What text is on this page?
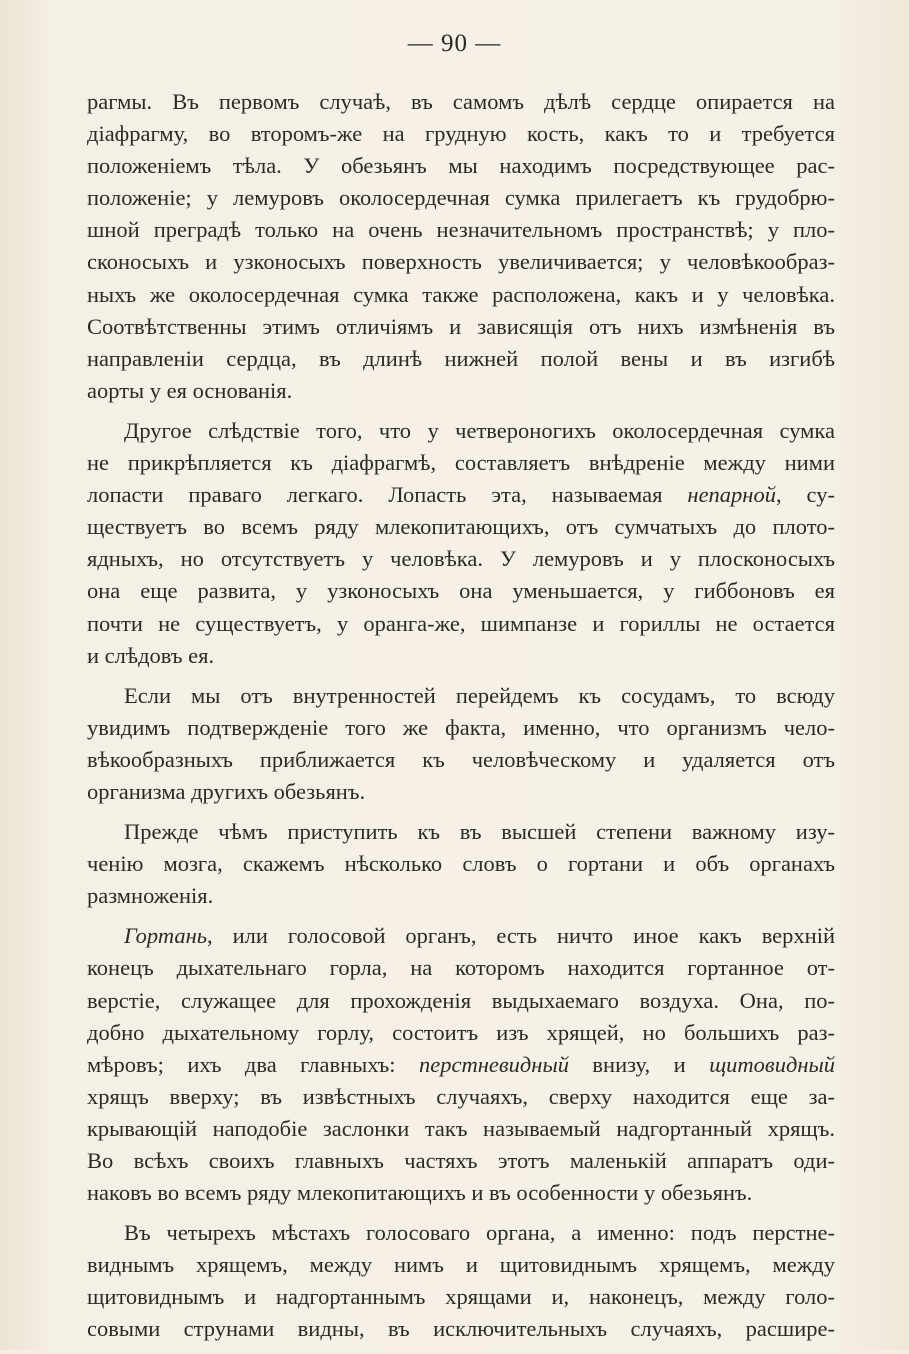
— 90 —
рагмы. Въ первомъ случаѣ, въ самомъ дѣлѣ сердце опирается на
діафрагму, во второмъ-же на грудную кость, какъ то и требуется
положеніемъ тѣла. У обезьянъ мы находимъ посредствующее рас-
положеніе; у лемуровъ околосердечная сумка прилегаетъ къ грудобрю-
шной преградѣ только на очень незначительномъ пространствѣ; у пло-
сконосыхъ и узконосыхъ поверхность увеличивается; у человѣкообраз-
ныхъ же околосердечная сумка также расположена, какъ и у человѣка.
Соотвѣтственны этимъ отличіямъ и зависящія отъ нихъ измѣненія въ
направленіи сердца, въ длинѣ нижней полой вены и въ изгибѣ
аорты у ея основанія.
Другое слѣдствіе того, что у четвероногихъ околосердечная сумка
не прикрѣпляется къ діафрагмѣ, составляетъ внѣдреніе между ними
лопасти праваго легкаго. Лопасть эта, называемая непарной, су-
ществуетъ во всемъ ряду млекопитающихъ, отъ сумчатыхъ до плото-
ядныхъ, но отсутствуетъ у человѣка. У лемуровъ и у плосконосыхъ
она еще развита, у узконосыхъ она уменьшается, у гиббоновъ ея
почти не существуетъ, у оранга-же, шимпанзе и гориллы не остается
и слѣдовъ ея.
Если мы отъ внутренностей перейдемъ къ сосудамъ, то всюду
увидимъ подтвержденіе того же факта, именно, что организмъ чело-
вѣкообразныхъ приближается къ человѣческому и удаляется отъ
организма другихъ обезьянъ.
Прежде чѣмъ приступить къ въ высшей степени важному изу-
ченію мозга, скажемъ нѣсколько словъ о гортани и объ органахъ
размноженія.
Гортань, или голосовой органъ, есть ничто иное какъ верхній
конецъ дыхательнаго горла, на которомъ находится гортанное от-
верстіе, служащее для прохожденія выдыхаемаго воздуха. Она, по-
добно дыхательному горлу, состоитъ изъ хрящей, но большихъ раз-
мѣровъ; ихъ два главныхъ: перстневидный внизу, и щитовидный
хрящъ вверху; въ извѣстныхъ случаяхъ, сверху находится еще за-
крывающій наподобіе заслонки такъ называемый надгортанный хрящъ.
Во всѣхъ своихъ главныхъ частяхъ этотъ маленькій аппаратъ оди-
наковъ во всемъ ряду млекопитающихъ и въ особенности у обезьянъ.
Въ четырехъ мѣстахъ голосоваго органа, а именно: подъ перстне-
виднымъ хрящемъ, между нимъ и щитовиднымъ хрящемъ, между
щитовиднымъ и надгортаннымъ хрящами и, наконецъ, между голо-
совыми струнами видны, въ исключительныхъ случаяхъ, расшире-
